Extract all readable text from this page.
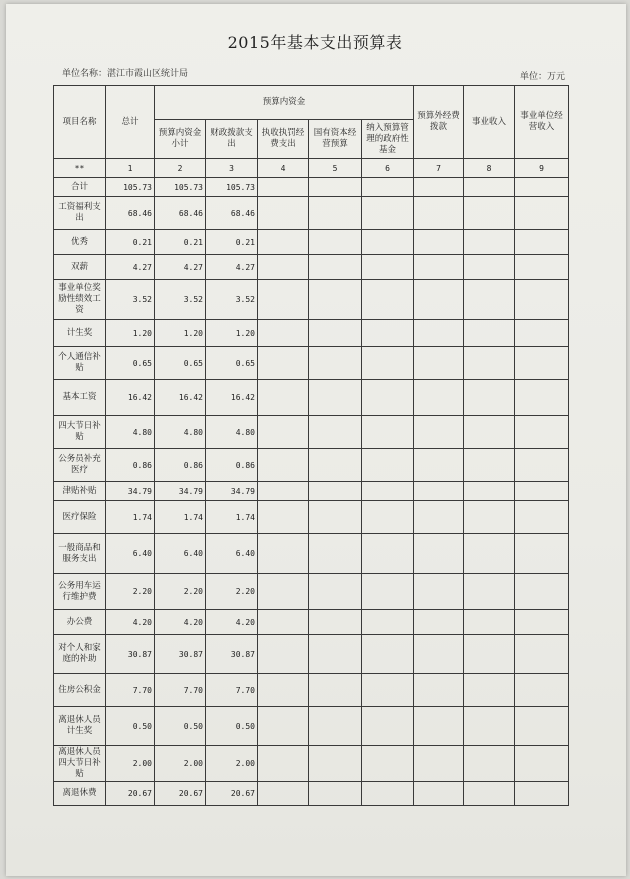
2015年基本支出预算表
单位名称：湛江市霞山区统计局	单位：万元
项目名称	总计	预算内资金					预算外经费拨款	事业收入	事业单位经营收入
		预算内资金小计	财政拨款支出	执收执罚经费支出	国有资本经营预算	纳入预算管理的政府性基金			
**	1	2	3	4	5	6	7	8	9
合计	105.73	105.73	105.73						
工资福利支出	68.46	68.46	68.46						
优秀	0.21	0.21	0.21						
双薪	4.27	4.27	4.27						
事业单位奖励性绩效工资	3.52	3.52	3.52						
计生奖	1.20	1.20	1.20						
个人通信补贴	0.65	0.65	0.65						
基本工资	16.42	16.42	16.42						
四大节日补贴	4.80	4.80	4.80						
公务员补充医疗	0.86	0.86	0.86						
津贴补贴	34.79	34.79	34.79						
医疗保险	1.74	1.74	1.74						
一般商品和服务支出	6.40	6.40	6.40						
公务用车运行维护费	2.20	2.20	2.20						
办公费	4.20	4.20	4.20						
对个人和家庭的补助	30.87	30.87	30.87						
住房公积金	7.70	7.70	7.70						
离退休人员计生奖	0.50	0.50	0.50						
离退休人员四大节日补贴	2.00	2.00	2.00						
离退休费	20.67	20.67	20.67						
